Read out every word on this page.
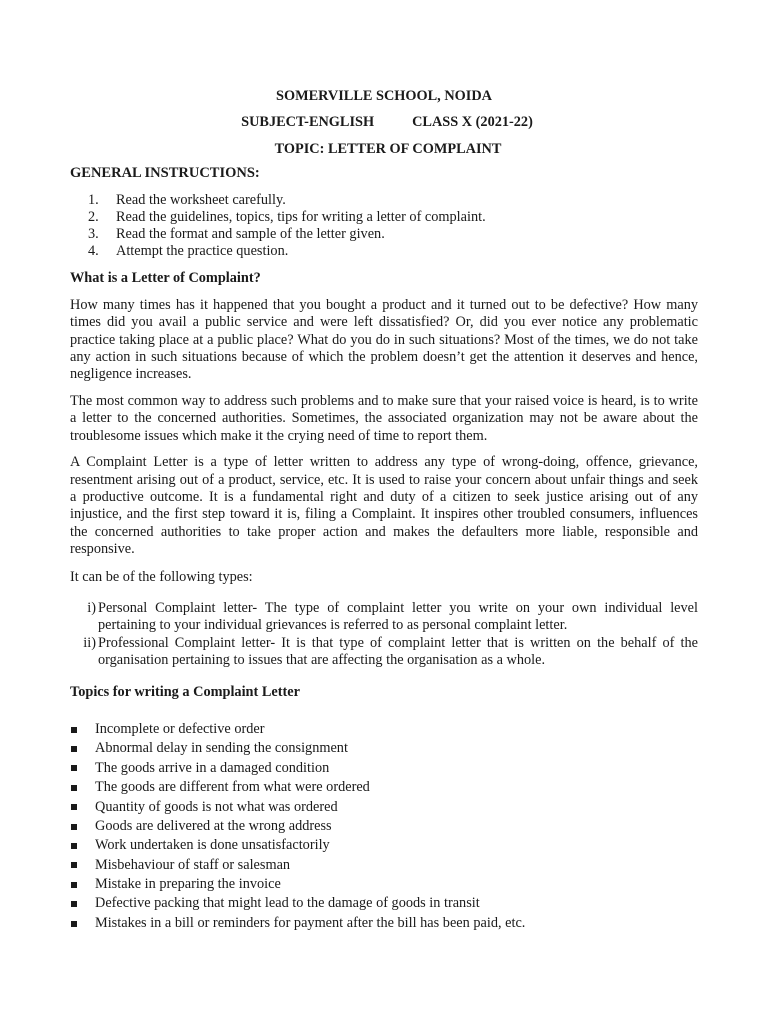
SOMERVILLE SCHOOL, NOIDA
SUBJECT-ENGLISH	CLASS X (2021-22)
TOPIC: LETTER OF COMPLAINT
GENERAL INSTRUCTIONS:
1.	Read the worksheet carefully.
2.	Read the guidelines, topics, tips for writing a letter of complaint.
3.	Read the format and sample of the letter given.
4.	Attempt the practice question.
What is a Letter of Complaint?

How many times has it happened that you bought a product and it turned out to be defective? How many times did you avail a public service and were left dissatisfied? Or, did you ever notice any problematic practice taking place at a public place? What do you do in such situations? Most of the times, we do not take any action in such situations because of which the problem doesn’t get the attention it deserves and hence, negligence increases.

The most common way to address such problems and to make sure that your raised voice is heard, is to write a letter to the concerned authorities. Sometimes, the associated organization may not be aware about the troublesome issues which make it the crying need of time to report them.

A Complaint Letter is a type of letter written to address any type of wrong-doing, offence, grievance, resentment arising out of a product, service, etc. It is used to raise your concern about unfair things and seek a productive outcome. It is a fundamental right and duty of a citizen to seek justice arising out of any injustice, and the first step toward it is, filing a Complaint. It inspires other troubled consumers, influences the concerned authorities to take proper action and makes the defaulters more liable, responsible and responsive.

It can be of the following types:
i) Personal Complaint letter- The type of complaint letter you write on your own individual level pertaining to your individual grievances is referred to as personal complaint letter.
ii) Professional Complaint letter- It is that type of complaint letter that is written on the behalf of the organisation pertaining to issues that are affecting the organisation as a whole.
Topics for writing a Complaint Letter
Incomplete or defective order
Abnormal delay in sending the consignment
The goods arrive in a damaged condition
The goods are different from what were ordered
Quantity of goods is not what was ordered
Goods are delivered at the wrong address
Work undertaken is done unsatisfactorily
Misbehaviour of staff or salesman
Mistake in preparing the invoice
Defective packing that might lead to the damage of goods in transit
Mistakes in a bill or reminders for payment after the bill has been paid, etc.
